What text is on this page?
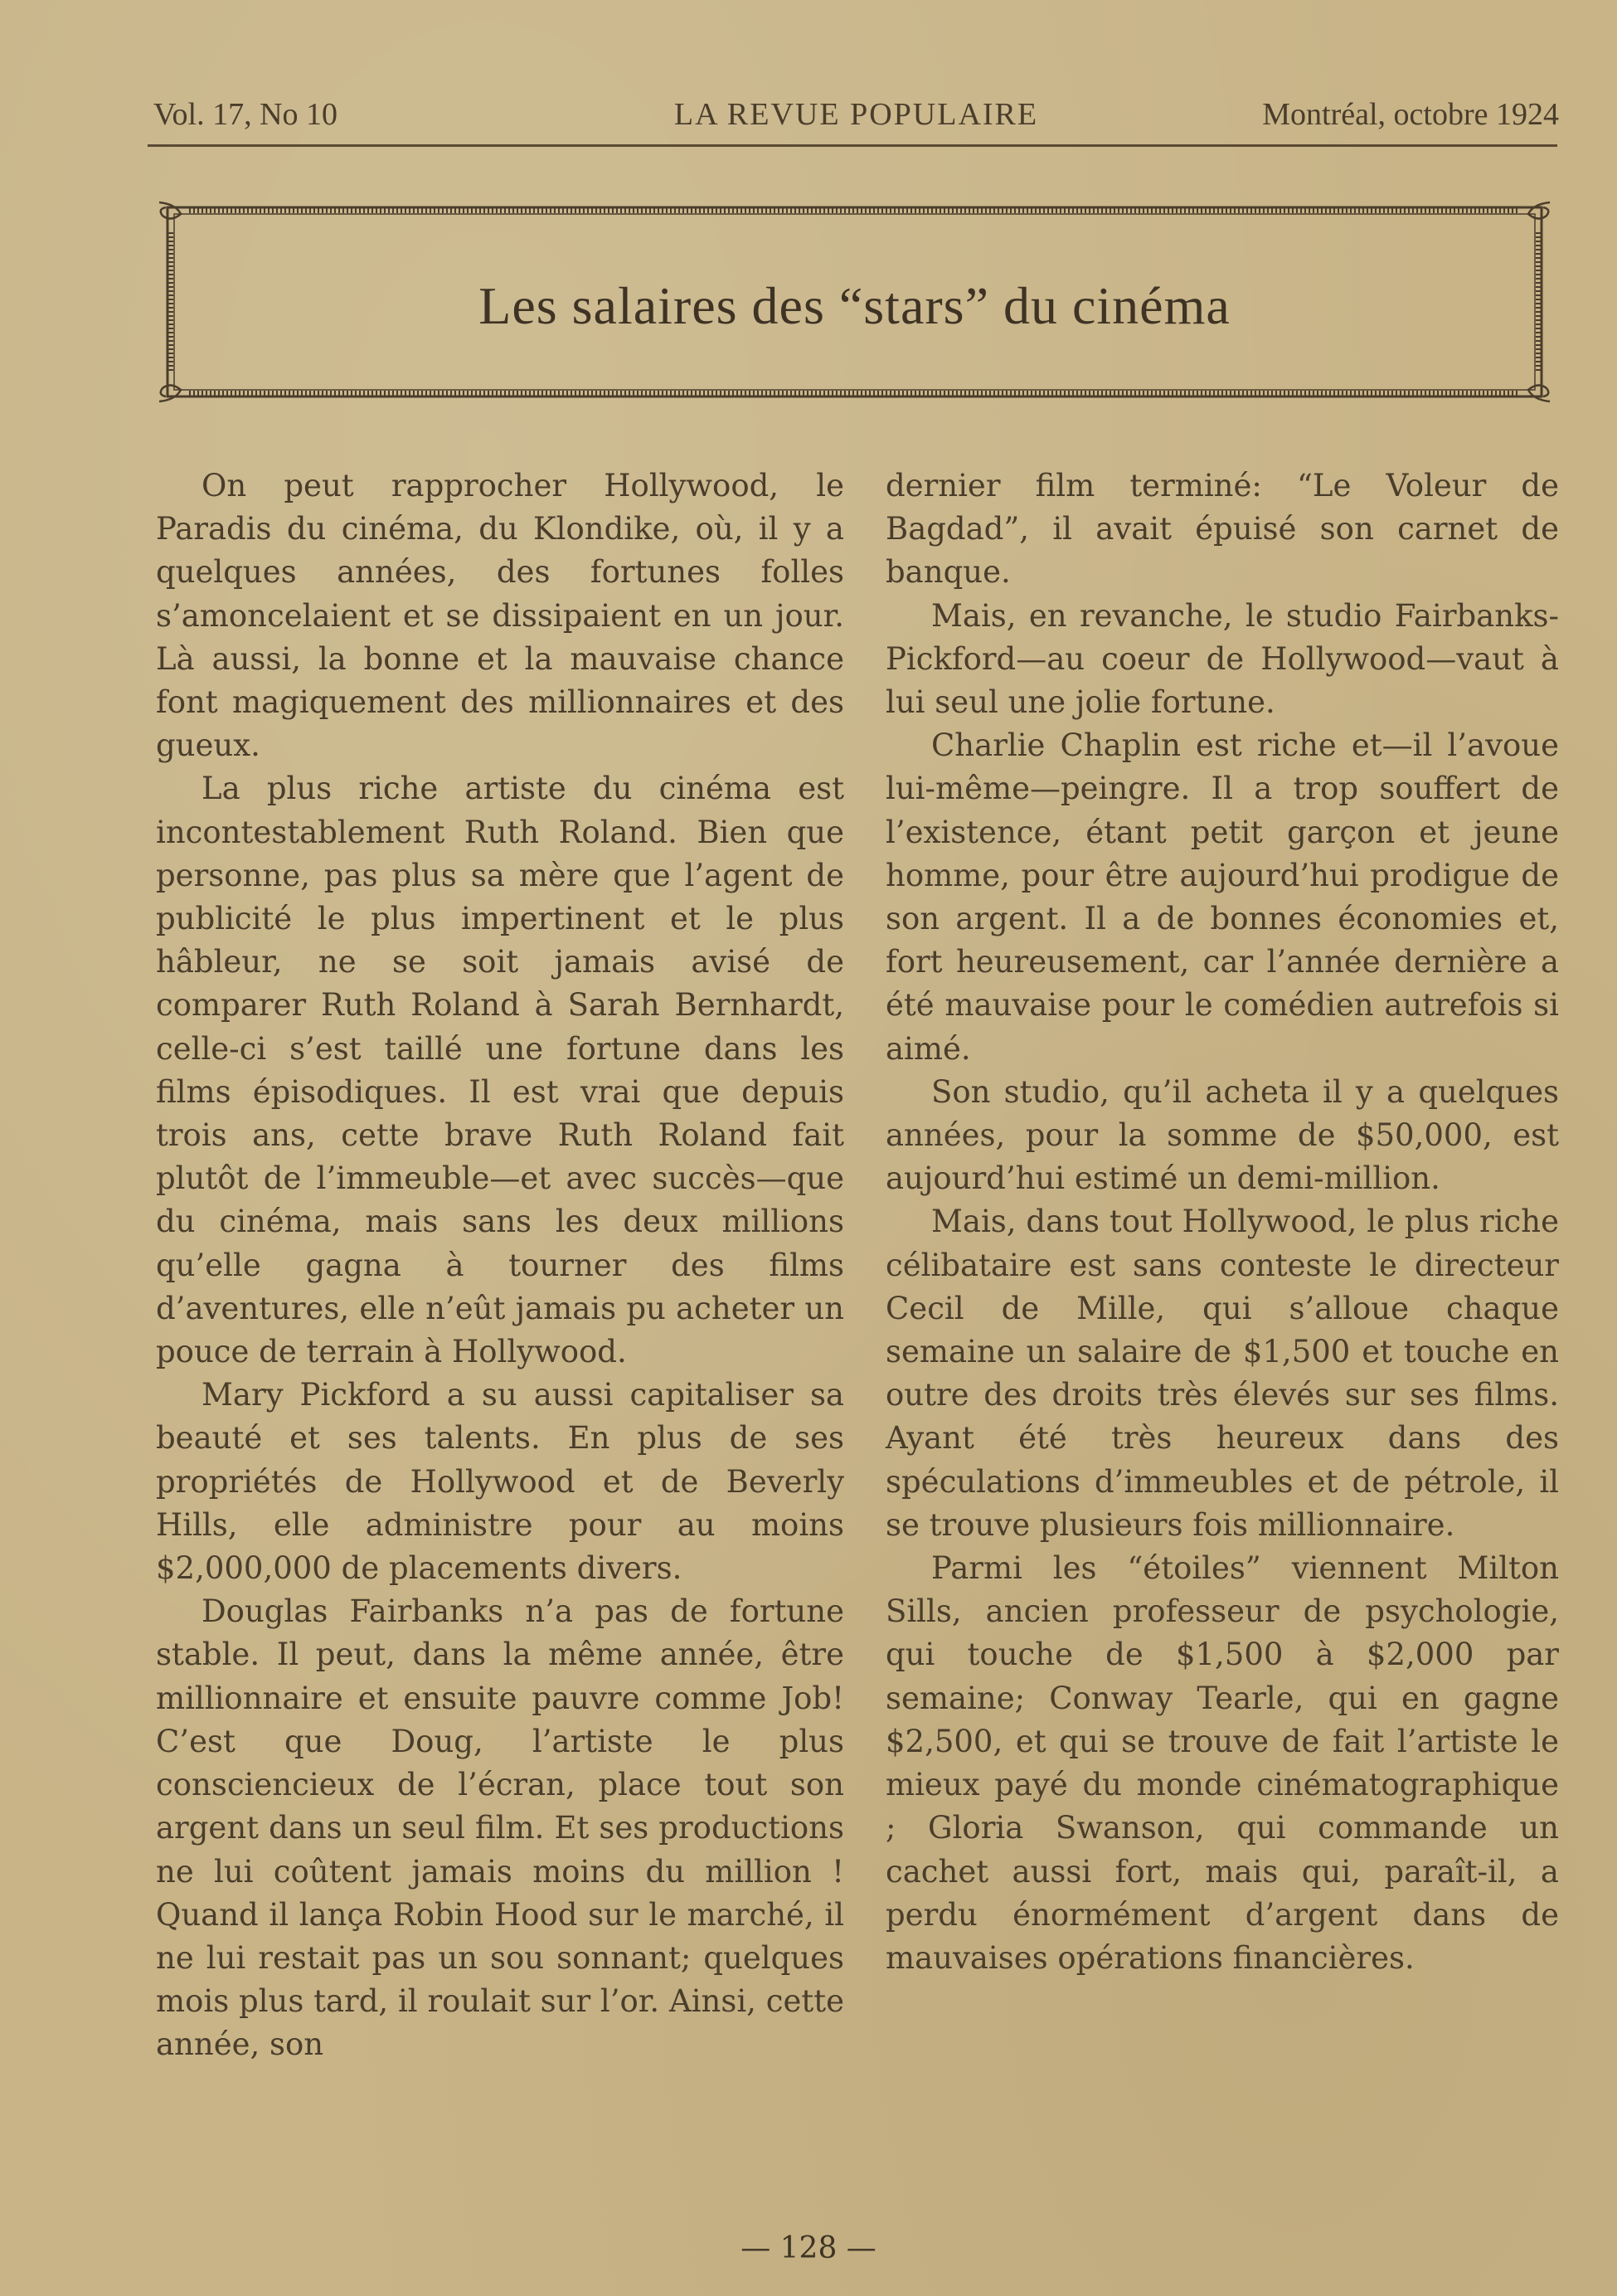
Vol. 17, No 10	LA REVUE POPULAIRE	Montréal, octobre 1924
Les salaires des “stars” du cinéma

On peut rapprocher Hollywood, le Paradis du cinéma, du Klondike, où, il y a quelques années, des fortunes folles s’amoncelaient et se dissipaient en un jour. Là aussi, la bonne et la mauvaise chance font magiquement des millionnaires et des gueux.

La plus riche artiste du cinéma est incontestablement Ruth Roland. Bien que personne, pas plus sa mère que l’agent de publicité le plus impertinent et le plus hâbleur, ne se soit jamais avisé de comparer Ruth Roland à Sarah Bernhardt, celle-ci s’est taillé une fortune dans les films épisodiques. Il est vrai que depuis trois ans, cette brave Ruth Roland fait plutôt de l’immeuble—et avec succès—que du cinéma, mais sans les deux millions qu’elle gagna à tourner des films d’aventures, elle n’eût jamais pu acheter un pouce de terrain à Hollywood.

Mary Pickford a su aussi capitaliser sa beauté et ses talents. En plus de ses propriétés de Hollywood et de Beverly Hills, elle administre pour au moins $2,000,000 de placements divers.

Douglas Fairbanks n’a pas de fortune stable. Il peut, dans la même année, être millionnaire et ensuite pauvre comme Job! C’est que Doug, l’artiste le plus consciencieux de l’écran, place tout son argent dans un seul film. Et ses productions ne lui coûtent jamais moins du million ! Quand il lança Robin Hood sur le marché, il ne lui restait pas un sou sonnant; quelques mois plus tard, il roulait sur l’or. Ainsi, cette année, son

dernier film terminé: “Le Voleur de Bagdad”, il avait épuisé son carnet de banque.

Mais, en revanche, le studio Fairbanks-Pickford—au coeur de Hollywood—vaut à lui seul une jolie fortune.

Charlie Chaplin est riche et—il l’avoue lui-même—peingre. Il a trop souffert de l’existence, étant petit garçon et jeune homme, pour être aujourd’hui prodigue de son argent. Il a de bonnes économies et, fort heureusement, car l’année dernière a été mauvaise pour le comédien autrefois si aimé.

Son studio, qu’il acheta il y a quelques années, pour la somme de $50,000, est aujourd’hui estimé un demi-million.

Mais, dans tout Hollywood, le plus riche célibataire est sans conteste le directeur Cecil de Mille, qui s’alloue chaque semaine un salaire de $1,500 et touche en outre des droits très élevés sur ses films. Ayant été très heureux dans des spéculations d’immeubles et de pétrole, il se trouve plusieurs fois millionnaire.

Parmi les “étoiles” viennent Milton Sills, ancien professeur de psychologie, qui touche de $1,500 à $2,000 par semaine; Conway Tearle, qui en gagne $2,500, et qui se trouve de fait l’artiste le mieux payé du monde cinématographique ; Gloria Swanson, qui commande un cachet aussi fort, mais qui, paraît-il, a perdu énormément d’argent dans de mauvaises opérations financières.

— 128 —
